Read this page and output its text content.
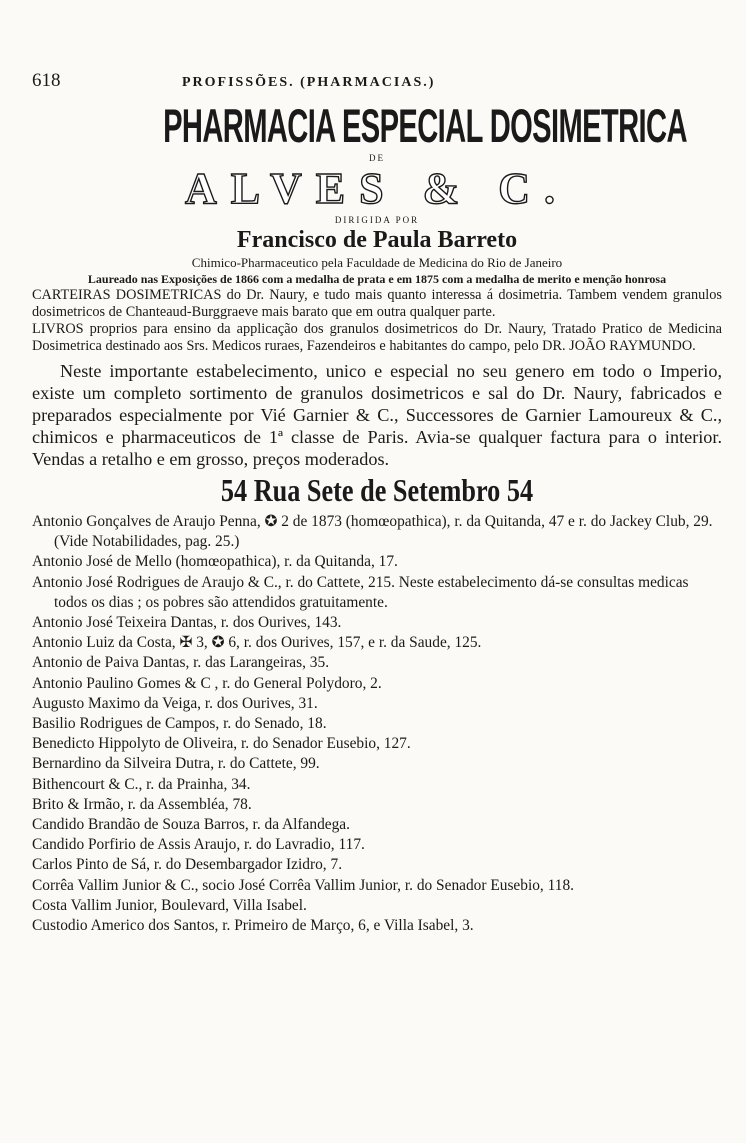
618	PROFISSÕES. (PHARMACIAS.)
PHARMACIA ESPECIAL DOSIMETRICA
DE
ALVES & C.
DIRIGIDA POR
Francisco de Paula Barreto
Chimico-Pharmaceutico pela Faculdade de Medicina do Rio de Janeiro
Laureado nas Exposições de 1866 com a medalha de prata e em 1875 com a medalha de merito e menção honrosa

CARTEIRAS DOSIMETRICAS do Dr. Naury, e tudo mais quanto interessa á dosimetria. Tambem vendem granulos dosimetricos de Chanteaud-Burggraeve mais barato que em outra qualquer parte.

LIVROS proprios para ensino da applicação dos granulos dosimetricos do Dr. Naury, Tratado Pratico de Medicina Dosimetrica destinado aos Srs. Medicos ruraes, Fazendeiros e habitantes do campo, pelo DR. JOÃO RAYMUNDO.

Neste importante estabelecimento, unico e especial no seu genero em todo o Imperio, existe um completo sortimento de granulos dosimetricos e sal do Dr. Naury, fabricados e preparados especialmente por Vié Garnier & C., Successores de Garnier Lamoureux & C., chimicos e pharmaceuticos de 1ª classe de Paris. Avia-se qualquer factura para o interior. Vendas a retalho e em grosso, preços moderados.
54 Rua Sete de Setembro 54
Antonio Gonçalves de Araujo Penna, ✪ 2 de 1873 (homœopathica), r. da Quitanda, 47 e r. do Jackey Club, 29. (Vide Notabilidades, pag. 25.)
Antonio José de Mello (homœopathica), r. da Quitanda, 17.
Antonio José Rodrigues de Araujo & C., r. do Cattete, 215. Neste estabelecimento dá-se consultas medicas todos os dias ; os pobres são attendidos gratuitamente.
Antonio José Teixeira Dantas, r. dos Ourives, 143.
Antonio Luiz da Costa, ✠ 3, ✪ 6, r. dos Ourives, 157, e r. da Saude, 125.
Antonio de Paiva Dantas, r. das Larangeiras, 35.
Antonio Paulino Gomes & C , r. do General Polydoro, 2.
Augusto Maximo da Veiga, r. dos Ourives, 31.
Basilio Rodrigues de Campos, r. do Senado, 18.
Benedicto Hippolyto de Oliveira, r. do Senador Eusebio, 127.
Bernardino da Silveira Dutra, r. do Cattete, 99.
Bithencourt & C., r. da Prainha, 34.
Brito & Irmão, r. da Assembléa, 78.
Candido Brandão de Souza Barros, r. da Alfandega.
Candido Porfirio de Assis Araujo, r. do Lavradio, 117.
Carlos Pinto de Sá, r. do Desembargador Izidro, 7.
Corrêa Vallim Junior & C., socio José Corrêa Vallim Junior, r. do Senador Eusebio, 118.
Costa Vallim Junior, Boulevard, Villa Isabel.
Custodio Americo dos Santos, r. Primeiro de Março, 6, e Villa Isabel, 3.
